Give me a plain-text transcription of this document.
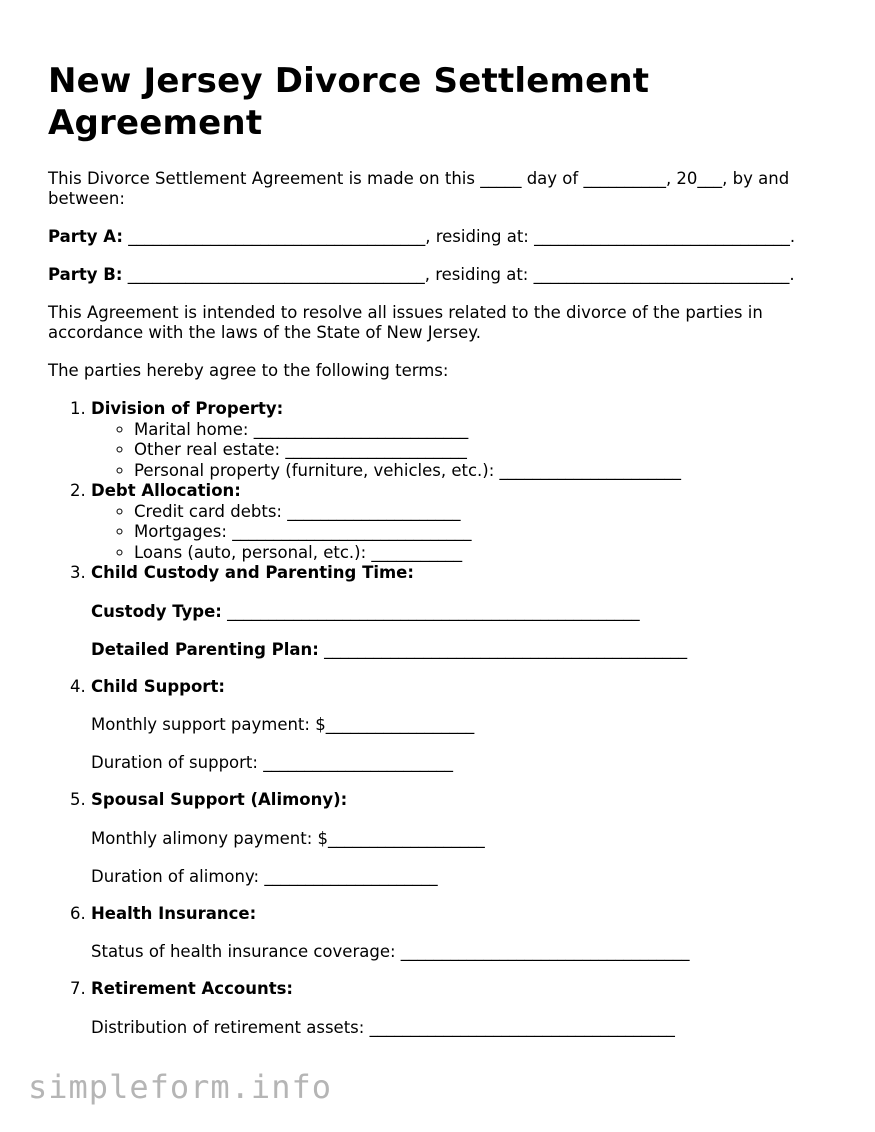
New Jersey Divorce Settlement Agreement

This Divorce Settlement Agreement is made on this _____ day of __________, 20___, by and between:

Party A: ____________________________________, residing at: _______________________________.

Party B: ____________________________________, residing at: _______________________________.

This Agreement is intended to resolve all issues related to the divorce of the parties in accordance with the laws of the State of New Jersey.

The parties hereby agree to the following terms:

1. Division of Property:
◦ Marital home: __________________________
◦ Other real estate: ______________________
◦ Personal property (furniture, vehicles, etc.): ______________________
2. Debt Allocation:
◦ Credit card debts: _____________________
◦ Mortgages: _____________________________
◦ Loans (auto, personal, etc.): ___________
3. Child Custody and Parenting Time:

Custody Type: __________________________________________________

Detailed Parenting Plan: ____________________________________________

4. Child Support:

Monthly support payment: $__________________

Duration of support: _______________________

5. Spousal Support (Alimony):

Monthly alimony payment: $___________________

Duration of alimony: _____________________

6. Health Insurance:

Status of health insurance coverage: ___________________________________

7. Retirement Accounts:

Distribution of retirement assets: _____________________________________

simpleform.info
